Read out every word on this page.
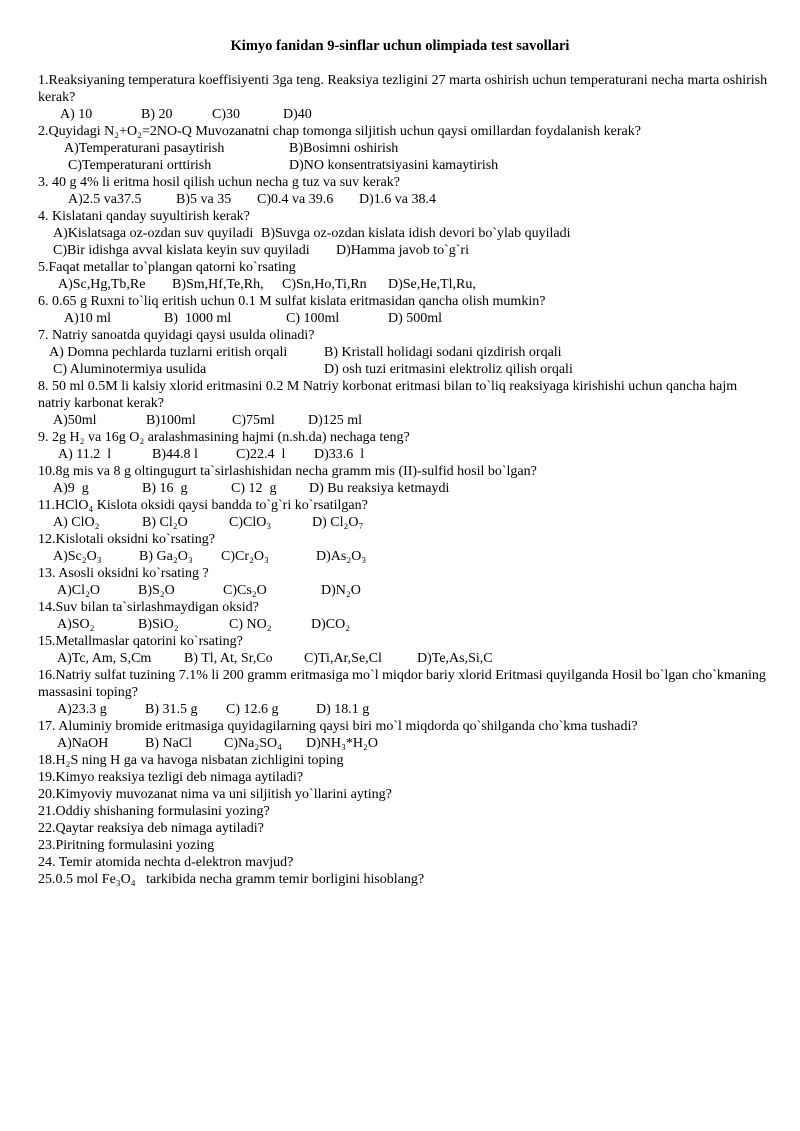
Kimyo fanidan 9-sinflar uchun olimpiada test savollari
1.Reaksiyaning temperatura koeffisiyenti 3ga teng. Reaksiya tezligini 27 marta oshirish uchun temperaturani necha marta oshirish kerak?
A) 10	B) 20	C)30	D)40
2.Quyidagi N₂+O₂=2NO-Q Muvozanatni chap tomonga siljitish uchun qaysi omillardan foydalanish kerak?
A)Temperaturani pasaytirish	B)Bosimni oshirish
C)Temperaturani orttirish	D)NO konsentratsiyasini kamaytirish
3. 40 g 4% li eritma hosil qilish uchun necha g tuz va suv kerak?
A)2.5 va37.5 B)5 va 35 C)0.4 va 39.6 D)1.6 va 38.4
4. Kislatani qanday suyultirish kerak?
A)Kislatsaga oz-ozdan suv quyiladi B)Suvga oz-ozdan kislata idish devori bo`ylab quyiladi
C)Bir idishga avval kislata keyin suv quyiladi D)Hamma javob to`g`ri
5.Faqat metallar to`plangan qatorni ko`rsating
A)Sc,Hg,Tb,Re B)Sm,Hf,Te,Rh, C)Sn,Ho,Ti,Rn D)Se,He,Tl,Ru,
6. 0.65 g Ruxni to`liq eritish uchun 0.1 M sulfat kislata eritmasidan qancha olish mumkin?
A)10 ml	B)  1000 ml	C) 100ml	D) 500ml
7. Natriy sanoatda quyidagi qaysi usulda olinadi?
A) Domna pechlarda tuzlarni eritish orqali	B) Kristall holidagi sodani qizdirish orqali
C) Aluminotermiya usulida	D) osh tuzi eritmasini elektroliz qilish orqali
8. 50 ml 0.5M li kalsiy xlorid eritmasini 0.2 M Natriy korbonat eritmasi bilan to`liq reaksiyaga kirishishi uchun qancha hajm natriy karbonat kerak?
A)50ml	B)100ml	C)75ml D)125 ml
9. 2g H₂ va 16g O₂ aralashmasining hajmi (n.sh.da) nechaga teng?
A) 11.2  l	B)44.8 l	C)22.4  l D)33.6  l
10.8g mis va 8 g oltingugurt ta`sirlashishidan necha gramm mis (II)-sulfid hosil bo`lgan?
A)9  g	B) 16  g	C) 12  g D) Bu reaksiya ketmaydi
11.HClO₄ Kislota oksidi qaysi bandda to`g`ri ko`rsatilgan?
A) ClO₂	B) Cl₂O	C)ClO₃	D) Cl₂O₇
12.Kislotali oksidni ko`rsating?
A)Sc₂O₃	B) Ga₂O₃ C)Cr₂O₃	D)As₂O₃
13. Asosli oksidni ko`rsating ?
A)Cl₂O	B)S₂O	C)Cs₂O	D)N₂O
14.Suv bilan ta`sirlashmaydigan oksid?
A)SO₂	B)SiO₂	C) NO₂	D)CO₂
15.Metallmaslar qatorini ko`rsating?
A)Tc, Am, S,Cm B) Tl, At, Sr,Co C)Ti,Ar,Se,Cl	D)Te,As,Si,C
16.Natriy sulfat tuzining 7.1% li 200 gramm eritmasiga mo`l miqdor bariy xlorid Eritmasi quyilganda Hosil bo`lgan cho`kmaning massasini toping?
A)23.3 g	B) 31.5 g C) 12.6 g	D) 18.1 g
17. Aluminiy bromide eritmasiga quyidagilarning qaysi biri mo`l miqdorda qo`shilganda cho`kma tushadi?
A)NaOH	B) NaCl C)Na₂SO₄ D)NH₃*H₂O
18.H₂S ning H ga va havoga nisbatan zichligini toping
19.Kimyo reaksiya tezligi deb nimaga aytiladi?
20.Kimyoviy muvozanat nima va uni siljitish yo`llarini ayting?
21.Oddiy shishaning formulasini yozing?
22.Qaytar reaksiya deb nimaga aytiladi?
23.Piritning formulasini yozing
24. Temir atomida nechta d-elektron mavjud?
25.0.5 mol Fe₃O₄   tarkibida necha gramm temir borligini hisoblang?
